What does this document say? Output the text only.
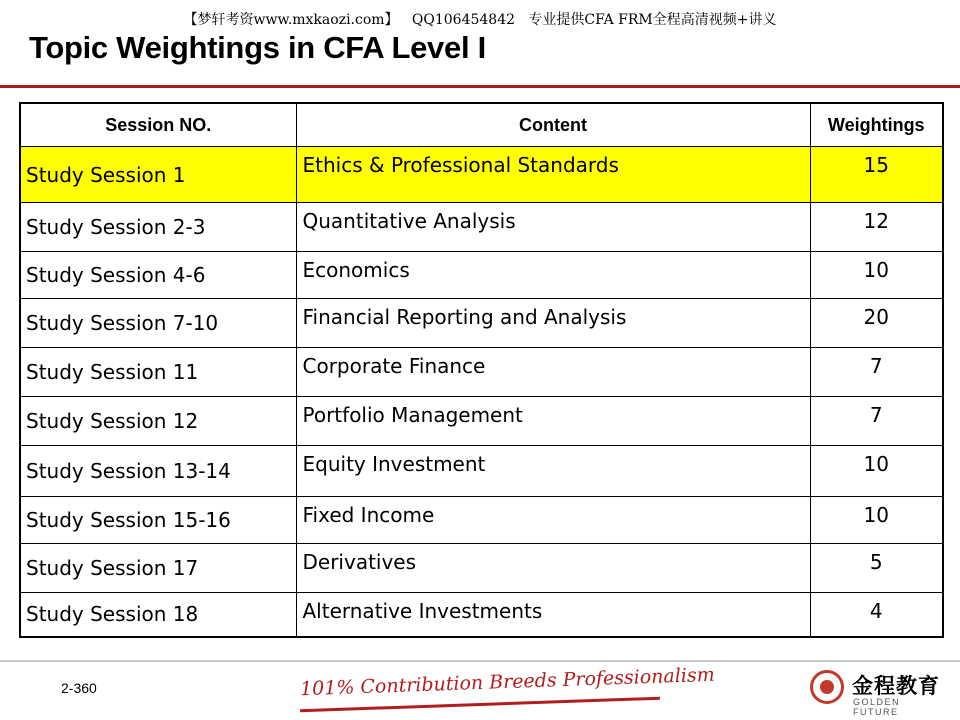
【梦轩考资www.mxkaozi.com】   QQ106454842   专业提供CFA FRM全程高清视频+讲义
Topic Weightings in CFA Level I
Session NO.	Content	Weightings
Study Session 1	Ethics & Professional Standards	15
Study Session 2-3	Quantitative Analysis	12
Study Session 4-6	Economics	10
Study Session 7-10	Financial Reporting and Analysis	20
Study Session 11	Corporate Finance	7
Study Session 12	Portfolio Management	7
Study Session 13-14	Equity Investment	10
Study Session 15-16	Fixed Income	10
Study Session 17	Derivatives	5
Study Session 18	Alternative Investments	4
2-360	101% Contribution Breeds Professionalism	金程教育
GOLDEN FUTURE
